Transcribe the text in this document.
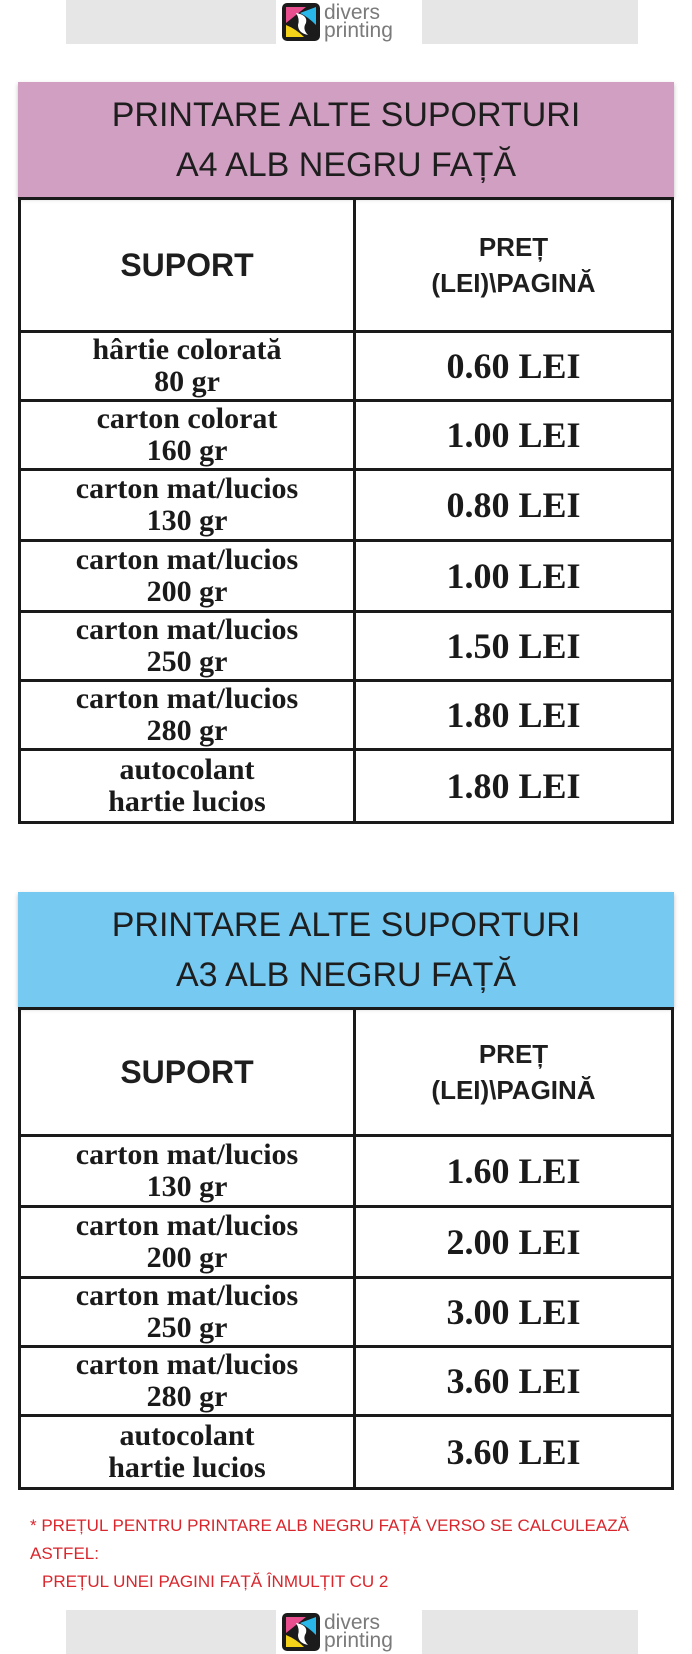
divers
printing
PRINTARE ALTE SUPORTURI
A4 ALB NEGRU FAȚĂ
SUPORT	PREȚ
(LEI)\PAGINĂ
hârtie colorată
80 gr	0.60 LEI
carton colorat
160 gr	1.00 LEI
carton mat/lucios
130 gr	0.80 LEI
carton mat/lucios
200 gr	1.00 LEI
carton mat/lucios
250 gr	1.50 LEI
carton mat/lucios
280 gr	1.80 LEI
autocolant
hartie lucios	1.80 LEI
PRINTARE ALTE SUPORTURI
A3 ALB NEGRU FAȚĂ
SUPORT	PREȚ
(LEI)\PAGINĂ
carton mat/lucios
130 gr	1.60 LEI
carton mat/lucios
200 gr	2.00 LEI
carton mat/lucios
250 gr	3.00 LEI
carton mat/lucios
280 gr	3.60 LEI
autocolant
hartie lucios	3.60 LEI
* PREȚUL PENTRU PRINTARE ALB NEGRU FAȚĂ VERSO SE CALCULEAZĂ ASTFEL:
PREȚUL UNEI PAGINI FAȚĂ ÎNMULȚIT CU 2
divers
printing
